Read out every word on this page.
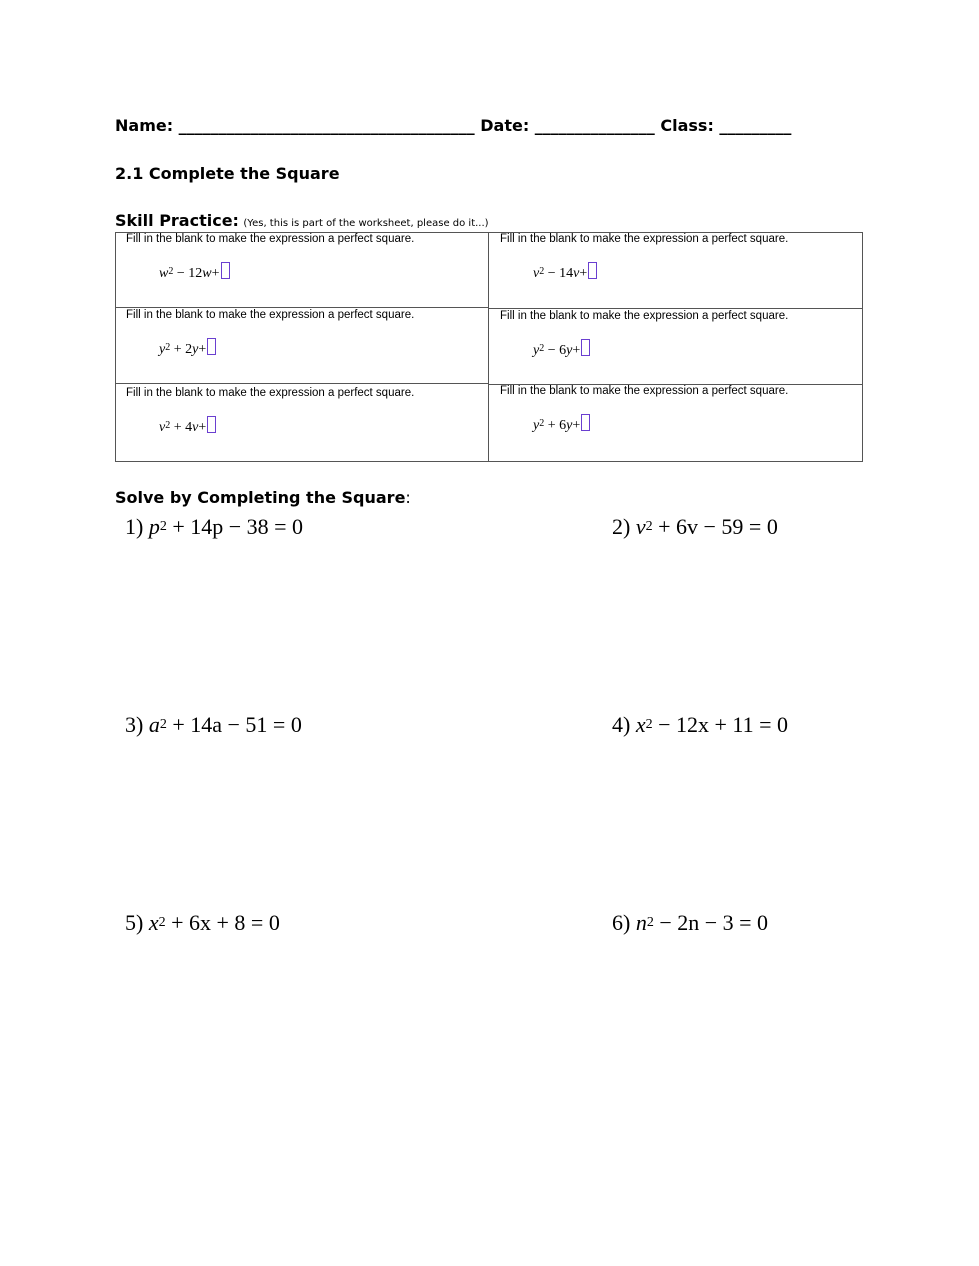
Name: _____________________________________ Date: _______________ Class: _________
2.1 Complete the Square
Skill Practice: (Yes, this is part of the worksheet, please do it...)
Fill in the blank to make the expression a perfect square.
$w^2 - 12w+$
Fill in the blank to make the expression a perfect square.
$v^2 - 14v+$
Fill in the blank to make the expression a perfect square.
$y^2 + 2y+$
Fill in the blank to make the expression a perfect square.
$y^2 - 6y+$
Fill in the blank to make the expression a perfect square.
$v^2 + 4v+$
Fill in the blank to make the expression a perfect square.
$y^2 + 6y+$
Solve by Completing the Square:
1) $p^2 + 14p - 38 = 0$	2) $v^2 + 6v - 59 = 0$
3) $a^2 + 14a - 51 = 0$	4) $x^2 - 12x + 11 = 0$
5) $x^2 + 6x + 8 = 0$	6) $n^2 - 2n - 3 = 0$
